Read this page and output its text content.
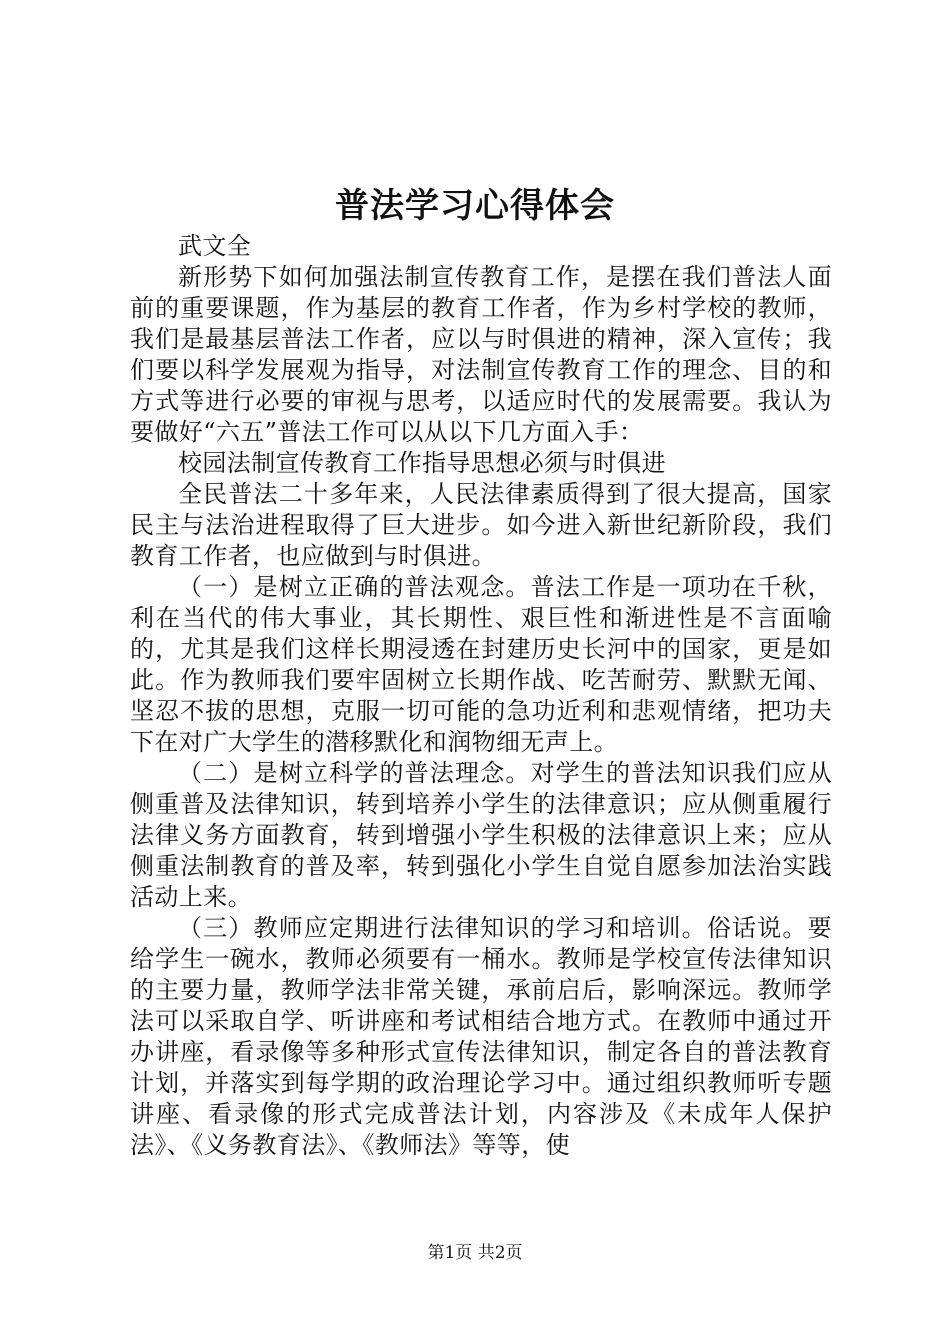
普法学习心得体会

武文全

新形势下如何加强法制宣传教育工作，是摆在我们普法人面前的重要课题，作为基层的教育工作者，作为乡村学校的教师，我们是最基层普法工作者，应以与时俱进的精神，深入宣传；我们要以科学发展观为指导，对法制宣传教育工作的理念、目的和方式等进行必要的审视与思考，以适应时代的发展需要。我认为要做好“六五”普法工作可以从以下几方面入手：

校园法制宣传教育工作指导思想必须与时俱进

全民普法二十多年来，人民法律素质得到了很大提高，国家民主与法治进程取得了巨大进步。如今进入新世纪新阶段，我们教育工作者，也应做到与时俱进。

（一）是树立正确的普法观念。普法工作是一项功在千秋，利在当代的伟大事业，其长期性、艰巨性和渐进性是不言面喻的，尤其是我们这样长期浸透在封建历史长河中的国家，更是如此。作为教师我们要牢固树立长期作战、吃苦耐劳、默默无闻、坚忍不拔的思想，克服一切可能的急功近利和悲观情绪，把功夫下在对广大学生的潜移默化和润物细无声上。

（二）是树立科学的普法理念。对学生的普法知识我们应从侧重普及法律知识，转到培养小学生的法律意识；应从侧重履行法律义务方面教育，转到增强小学生积极的法律意识上来；应从侧重法制教育的普及率，转到强化小学生自觉自愿参加法治实践活动上来。

（三）教师应定期进行法律知识的学习和培训。俗话说。要给学生一碗水，教师必须要有一桶水。教师是学校宣传法律知识的主要力量，教师学法非常关键，承前启后，影响深远。教师学法可以采取自学、听讲座和考试相结合地方式。在教师中通过开办讲座，看录像等多种形式宣传法律知识，制定各自的普法教育计划，并落实到每学期的政治理论学习中。通过组织教师听专题讲座、看录像的形式完成普法计划，内容涉及《未成年人保护法》、《义务教育法》、《教师法》等等，使

第1页 共2页
